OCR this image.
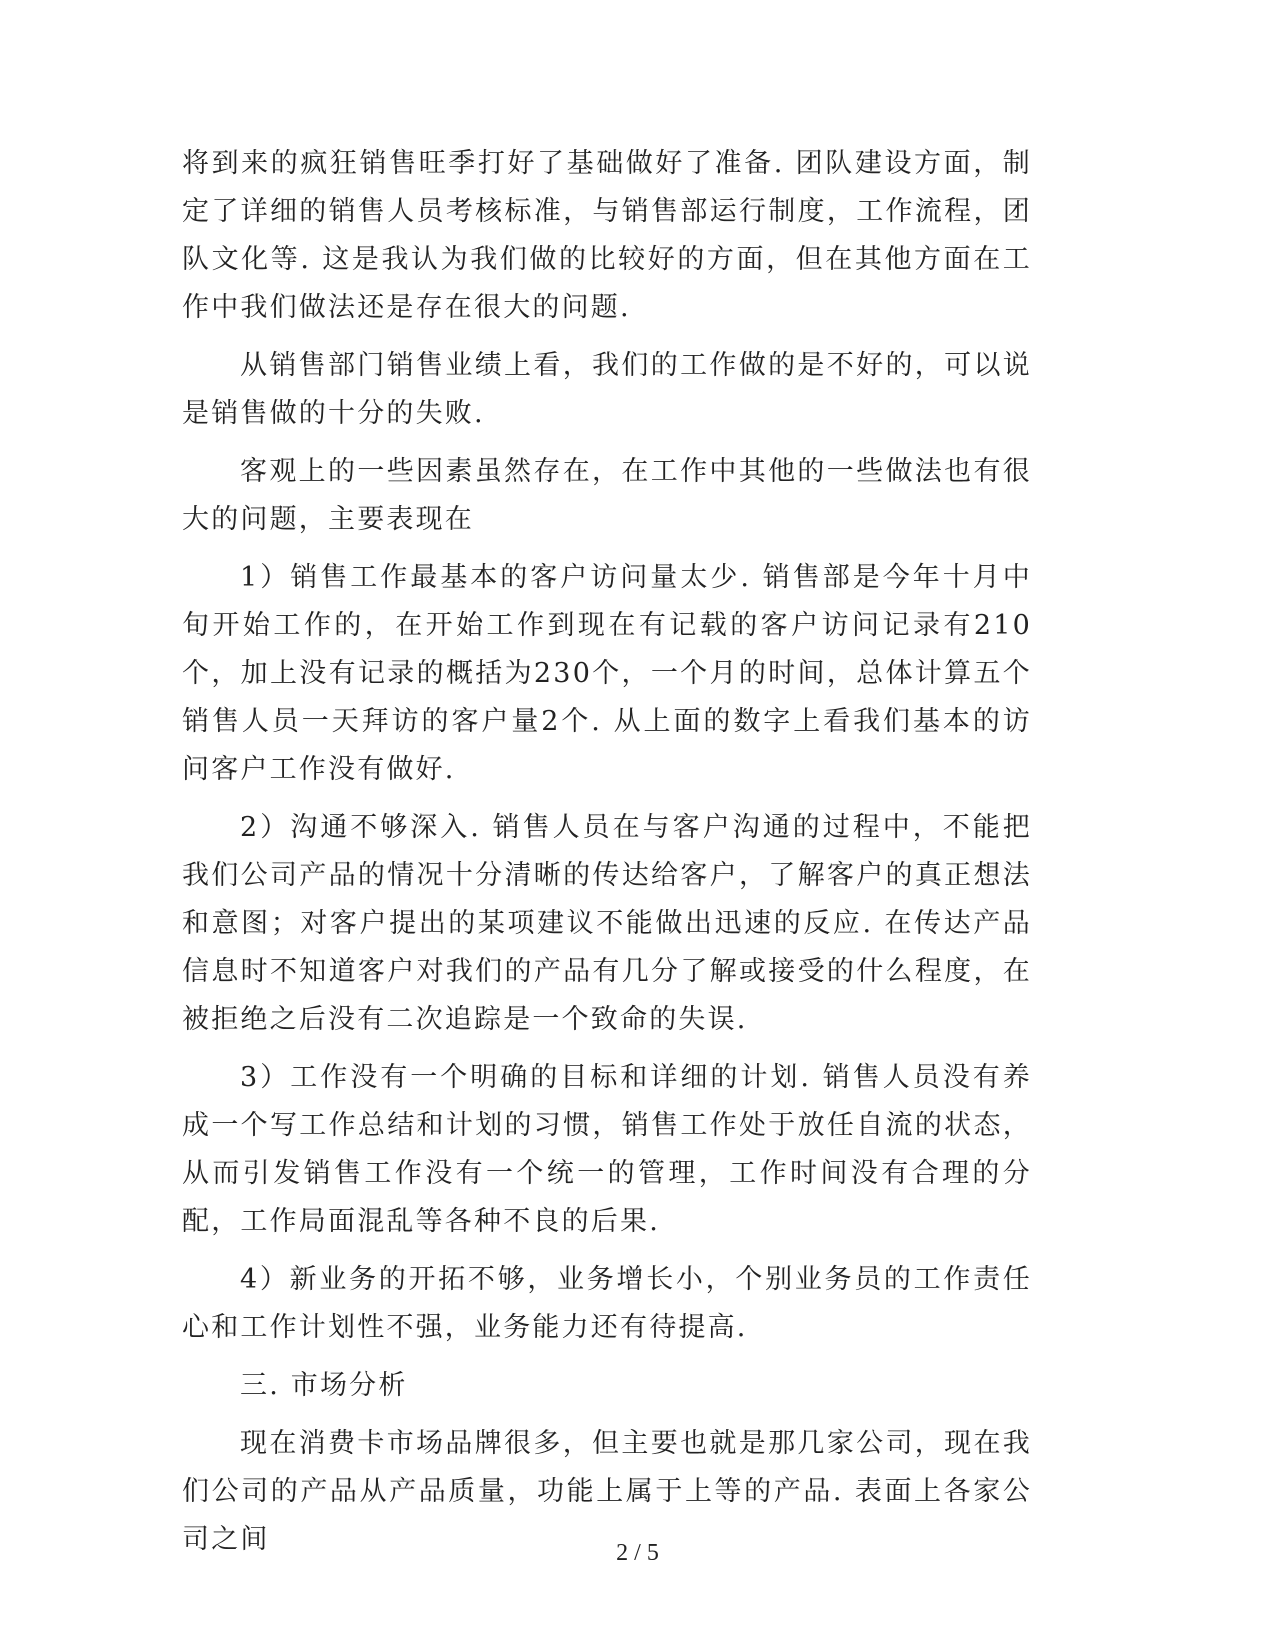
将到来的疯狂销售旺季打好了基础做好了准备. 团队建设方面，制定了详细的销售人员考核标准，与销售部运行制度，工作流程，团队文化等. 这是我认为我们做的比较好的方面，但在其他方面在工作中我们做法还是存在很大的问题.

从销售部门销售业绩上看，我们的工作做的是不好的，可以说是销售做的十分的失败.

客观上的一些因素虽然存在，在工作中其他的一些做法也有很大的问题，主要表现在

1）销售工作最基本的客户访问量太少. 销售部是今年十月中旬开始工作的，在开始工作到现在有记载的客户访问记录有210个，加上没有记录的概括为230个，一个月的时间，总体计算五个销售人员一天拜访的客户量2个. 从上面的数字上看我们基本的访问客户工作没有做好.

2）沟通不够深入. 销售人员在与客户沟通的过程中，不能把我们公司产品的情况十分清晰的传达给客户，了解客户的真正想法和意图；对客户提出的某项建议不能做出迅速的反应. 在传达产品信息时不知道客户对我们的产品有几分了解或接受的什么程度，在被拒绝之后没有二次追踪是一个致命的失误.

3）工作没有一个明确的目标和详细的计划. 销售人员没有养成一个写工作总结和计划的习惯，销售工作处于放任自流的状态，从而引发销售工作没有一个统一的管理，工作时间没有合理的分配，工作局面混乱等各种不良的后果.

4）新业务的开拓不够，业务增长小，个别业务员的工作责任心和工作计划性不强，业务能力还有待提高.

三. 市场分析

现在消费卡市场品牌很多，但主要也就是那几家公司，现在我们公司的产品从产品质量，功能上属于上等的产品. 表面上各家公司之间	2 / 5
